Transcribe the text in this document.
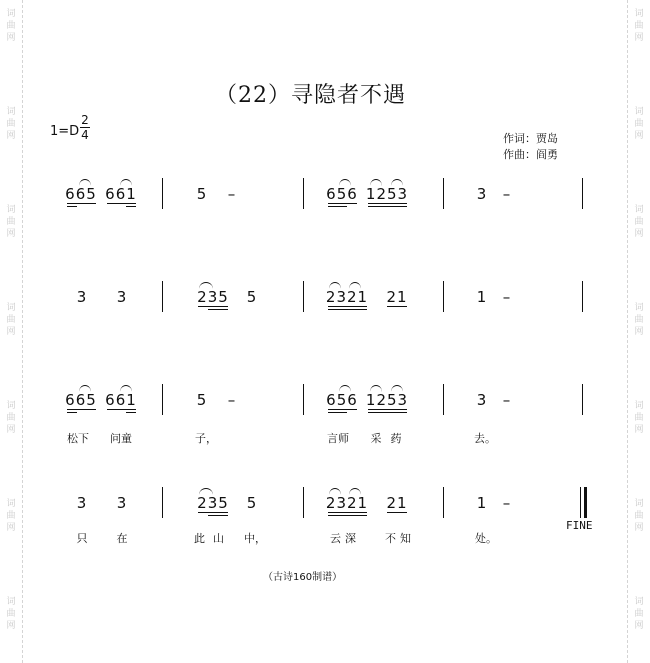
词
曲
网
词
曲
网
词
曲
网
词
曲
网
词
曲
网
词
曲
网
词
曲
网
词
曲
网
词
曲
网
词
曲
网
词
曲
网
词
曲
网
词
曲
网
词
曲
网
（22）寻隐者不遇
1=D
2
4	作词：贾岛
作曲：阎勇
665 661	5 –	656 1253	3 –
3 3	235 5	2321 21	1 –
665 661	5 –	656 1253	3 –
松下 问童	子，	言师 采 药	去。
3 3	235 5	2321 21	1 –
FINE
只	在	此山 中，	云深 不知	处。
（古诗160制谱）
